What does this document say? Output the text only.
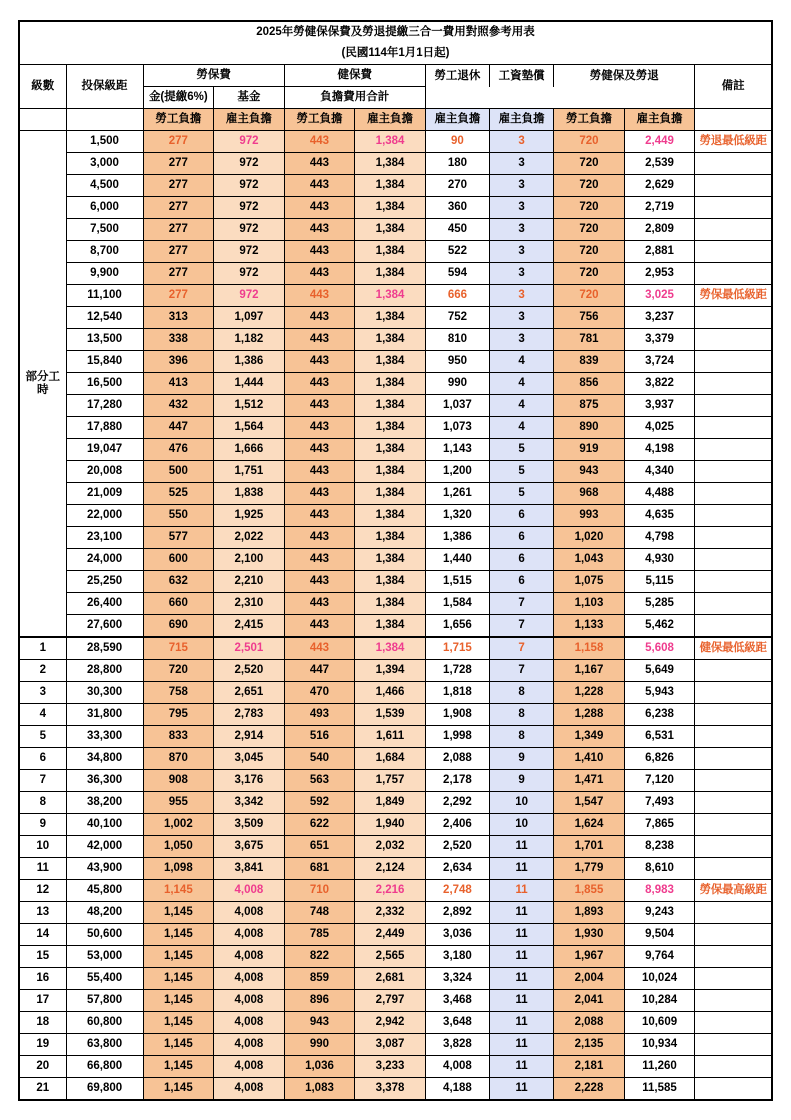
2025年勞健保保費及勞退提繳三合一費用對照參考用表										
(民國114年1月1日起)										
級數	投保級距	勞保費		健保費		勞工退休	工資墊償	勞健保及勞退		備註
		金(提繳6%)	基金	負擔費用合計						
		勞工負擔	雇主負擔	勞工負擔	雇主負擔	雇主負擔	雇主負擔	勞工負擔	雇主負擔	
部分工時	1,500	277	972	443	1,384	90	3	720	2,449	勞退最低級距
	3,000	277	972	443	1,384	180	3	720	2,539	
	4,500	277	972	443	1,384	270	3	720	2,629	
	6,000	277	972	443	1,384	360	3	720	2,719	
	7,500	277	972	443	1,384	450	3	720	2,809	
	8,700	277	972	443	1,384	522	3	720	2,881	
	9,900	277	972	443	1,384	594	3	720	2,953	
	11,100	277	972	443	1,384	666	3	720	3,025	勞保最低級距
	12,540	313	1,097	443	1,384	752	3	756	3,237	
	13,500	338	1,182	443	1,384	810	3	781	3,379	
	15,840	396	1,386	443	1,384	950	4	839	3,724	
	16,500	413	1,444	443	1,384	990	4	856	3,822	
	17,280	432	1,512	443	1,384	1,037	4	875	3,937	
	17,880	447	1,564	443	1,384	1,073	4	890	4,025	
	19,047	476	1,666	443	1,384	1,143	5	919	4,198	
	20,008	500	1,751	443	1,384	1,200	5	943	4,340	
	21,009	525	1,838	443	1,384	1,261	5	968	4,488	
	22,000	550	1,925	443	1,384	1,320	6	993	4,635	
	23,100	577	2,022	443	1,384	1,386	6	1,020	4,798	
	24,000	600	2,100	443	1,384	1,440	6	1,043	4,930	
	25,250	632	2,210	443	1,384	1,515	6	1,075	5,115	
	26,400	660	2,310	443	1,384	1,584	7	1,103	5,285	
	27,600	690	2,415	443	1,384	1,656	7	1,133	5,462	
1	28,590	715	2,501	443	1,384	1,715	7	1,158	5,608	健保最低級距
2	28,800	720	2,520	447	1,394	1,728	7	1,167	5,649	
3	30,300	758	2,651	470	1,466	1,818	8	1,228	5,943	
4	31,800	795	2,783	493	1,539	1,908	8	1,288	6,238	
5	33,300	833	2,914	516	1,611	1,998	8	1,349	6,531	
6	34,800	870	3,045	540	1,684	2,088	9	1,410	6,826	
7	36,300	908	3,176	563	1,757	2,178	9	1,471	7,120	
8	38,200	955	3,342	592	1,849	2,292	10	1,547	7,493	
9	40,100	1,002	3,509	622	1,940	2,406	10	1,624	7,865	
10	42,000	1,050	3,675	651	2,032	2,520	11	1,701	8,238	
11	43,900	1,098	3,841	681	2,124	2,634	11	1,779	8,610	
12	45,800	1,145	4,008	710	2,216	2,748	11	1,855	8,983	勞保最高級距
13	48,200	1,145	4,008	748	2,332	2,892	11	1,893	9,243	
14	50,600	1,145	4,008	785	2,449	3,036	11	1,930	9,504	
15	53,000	1,145	4,008	822	2,565	3,180	11	1,967	9,764	
16	55,400	1,145	4,008	859	2,681	3,324	11	2,004	10,024	
17	57,800	1,145	4,008	896	2,797	3,468	11	2,041	10,284	
18	60,800	1,145	4,008	943	2,942	3,648	11	2,088	10,609	
19	63,800	1,145	4,008	990	3,087	3,828	11	2,135	10,934	
20	66,800	1,145	4,008	1,036	3,233	4,008	11	2,181	11,260	
21	69,800	1,145	4,008	1,083	3,378	4,188	11	2,228	11,585	
